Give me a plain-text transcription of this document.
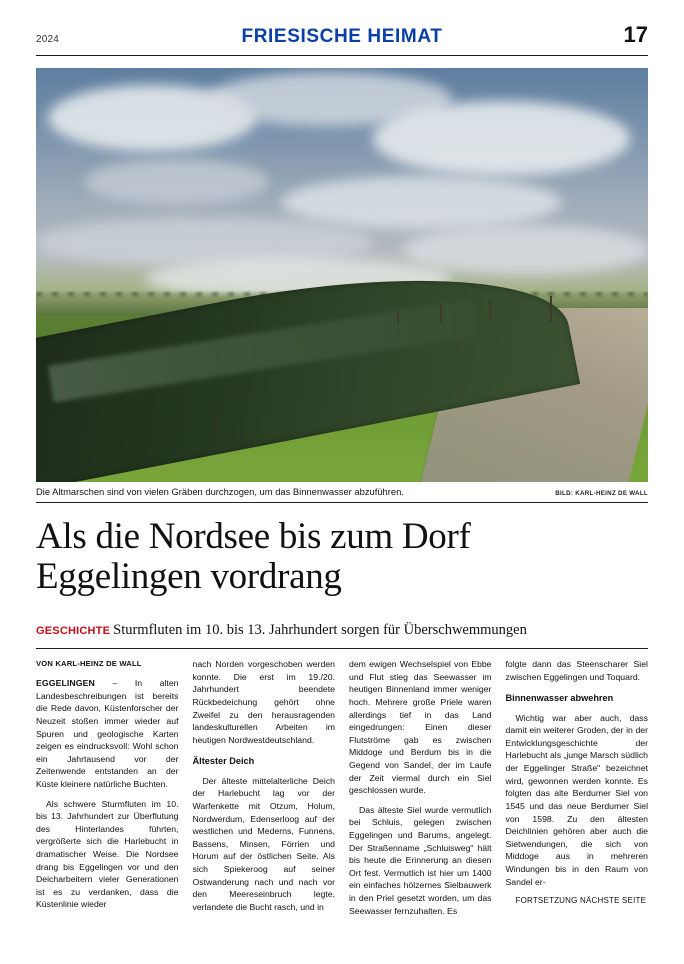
2024	FRIESISCHE HEIMAT	17
Die Altmarschen sind von vielen Gräben durchzogen, um das Binnenwasser abzuführen.	BILD: KARL-HEINZ DE WALL
Als die Nordsee bis zum Dorf
Eggelingen vordrang
GESCHICHTE Sturmfluten im 10. bis 13. Jahrhundert sorgen für Überschwemmungen
VON KARL-HEINZ DE WALL

EGGELINGEN – In alten Landesbeschreibungen ist bereits die Rede davon, Küstenforscher der Neuzeit stoßen immer wieder auf Spuren und geologische Karten zeigen es eindrucksvoll: Wohl schon ein Jahrtausend vor der Zeitenwende entstanden an der Küste kleinere natürliche Buchten.

Als schwere Sturmfluten im 10. bis 13. Jahrhundert zur Überflutung des Hinterlandes führten, vergrößerte sich die Harlebucht in dramatischer Weise. Die Nordsee drang bis Eggelingen vor und den Deicharbeitern vieler Generationen ist es zu verdanken, dass die Küstenlinie wieder

nach Norden vorgeschoben werden konnte. Die erst im 19./20. Jahrhundert beendete Rückbedeichung gehört ohne Zweifel zu den herausragenden landeskulturellen Arbeiten im heutigen Nordwestdeutschland.

Ältester Deich

Der älteste mittelalterliche Deich der Harlebucht lag vor der Warfenkette mit Otzum, Holum, Nordwerdum, Edenserloog auf der westlichen und Mederns, Funnens, Bassens, Minsen, Förrien und Horum auf der östlichen Seite. Als sich Spiekeroog auf seiner Ostwanderung nach und nach vor den Meereseinbruch legte, verlandete die Bucht rasch, und in

dem ewigen Wechselspiel von Ebbe und Flut stieg das Seewasser im heutigen Binnenland immer weniger hoch. Mehrere große Priele waren allerdings tief in das Land eingedrungen: Einen dieser Flutströme gab es zwischen Middoge und Berdum bis in die Gegend von Sandel, der im Laufe der Zeit viermal durch ein Siel geschlossen wurde.

Das älteste Siel wurde vermutlich bei Schluis, gelegen zwischen Eggelingen und Barums, angelegt. Der Straßenname „Schluisweg" hält bis heute die Erinnerung an diesen Ort fest. Vermutlich ist hier um 1400 ein einfaches hölzernes Sielbauwerk in den Priel gesetzt worden, um das Seewasser fernzuhalten. Es

folgte dann das Steenscharer Siel zwischen Eggelingen und Toquard.

Binnenwasser abwehren

Wichtig war aber auch, dass damit ein weiterer Groden, der in der Entwicklungsgeschichte der Harlebucht als „junge Marsch südlich der Eggelinger Straße" bezeichnet wird, gewonnen werden konnte. Es folgten das alte Berdumer Siel von 1545 und das neue Berdumer Siel von 1598. Zu den ältesten Deichlinien gehören aber auch die Sietwendungen, die sich von Middoge aus in mehreren Windungen bis in den Raum von Sandel er-

FORTSETZUNG NÄCHSTE SEITE
